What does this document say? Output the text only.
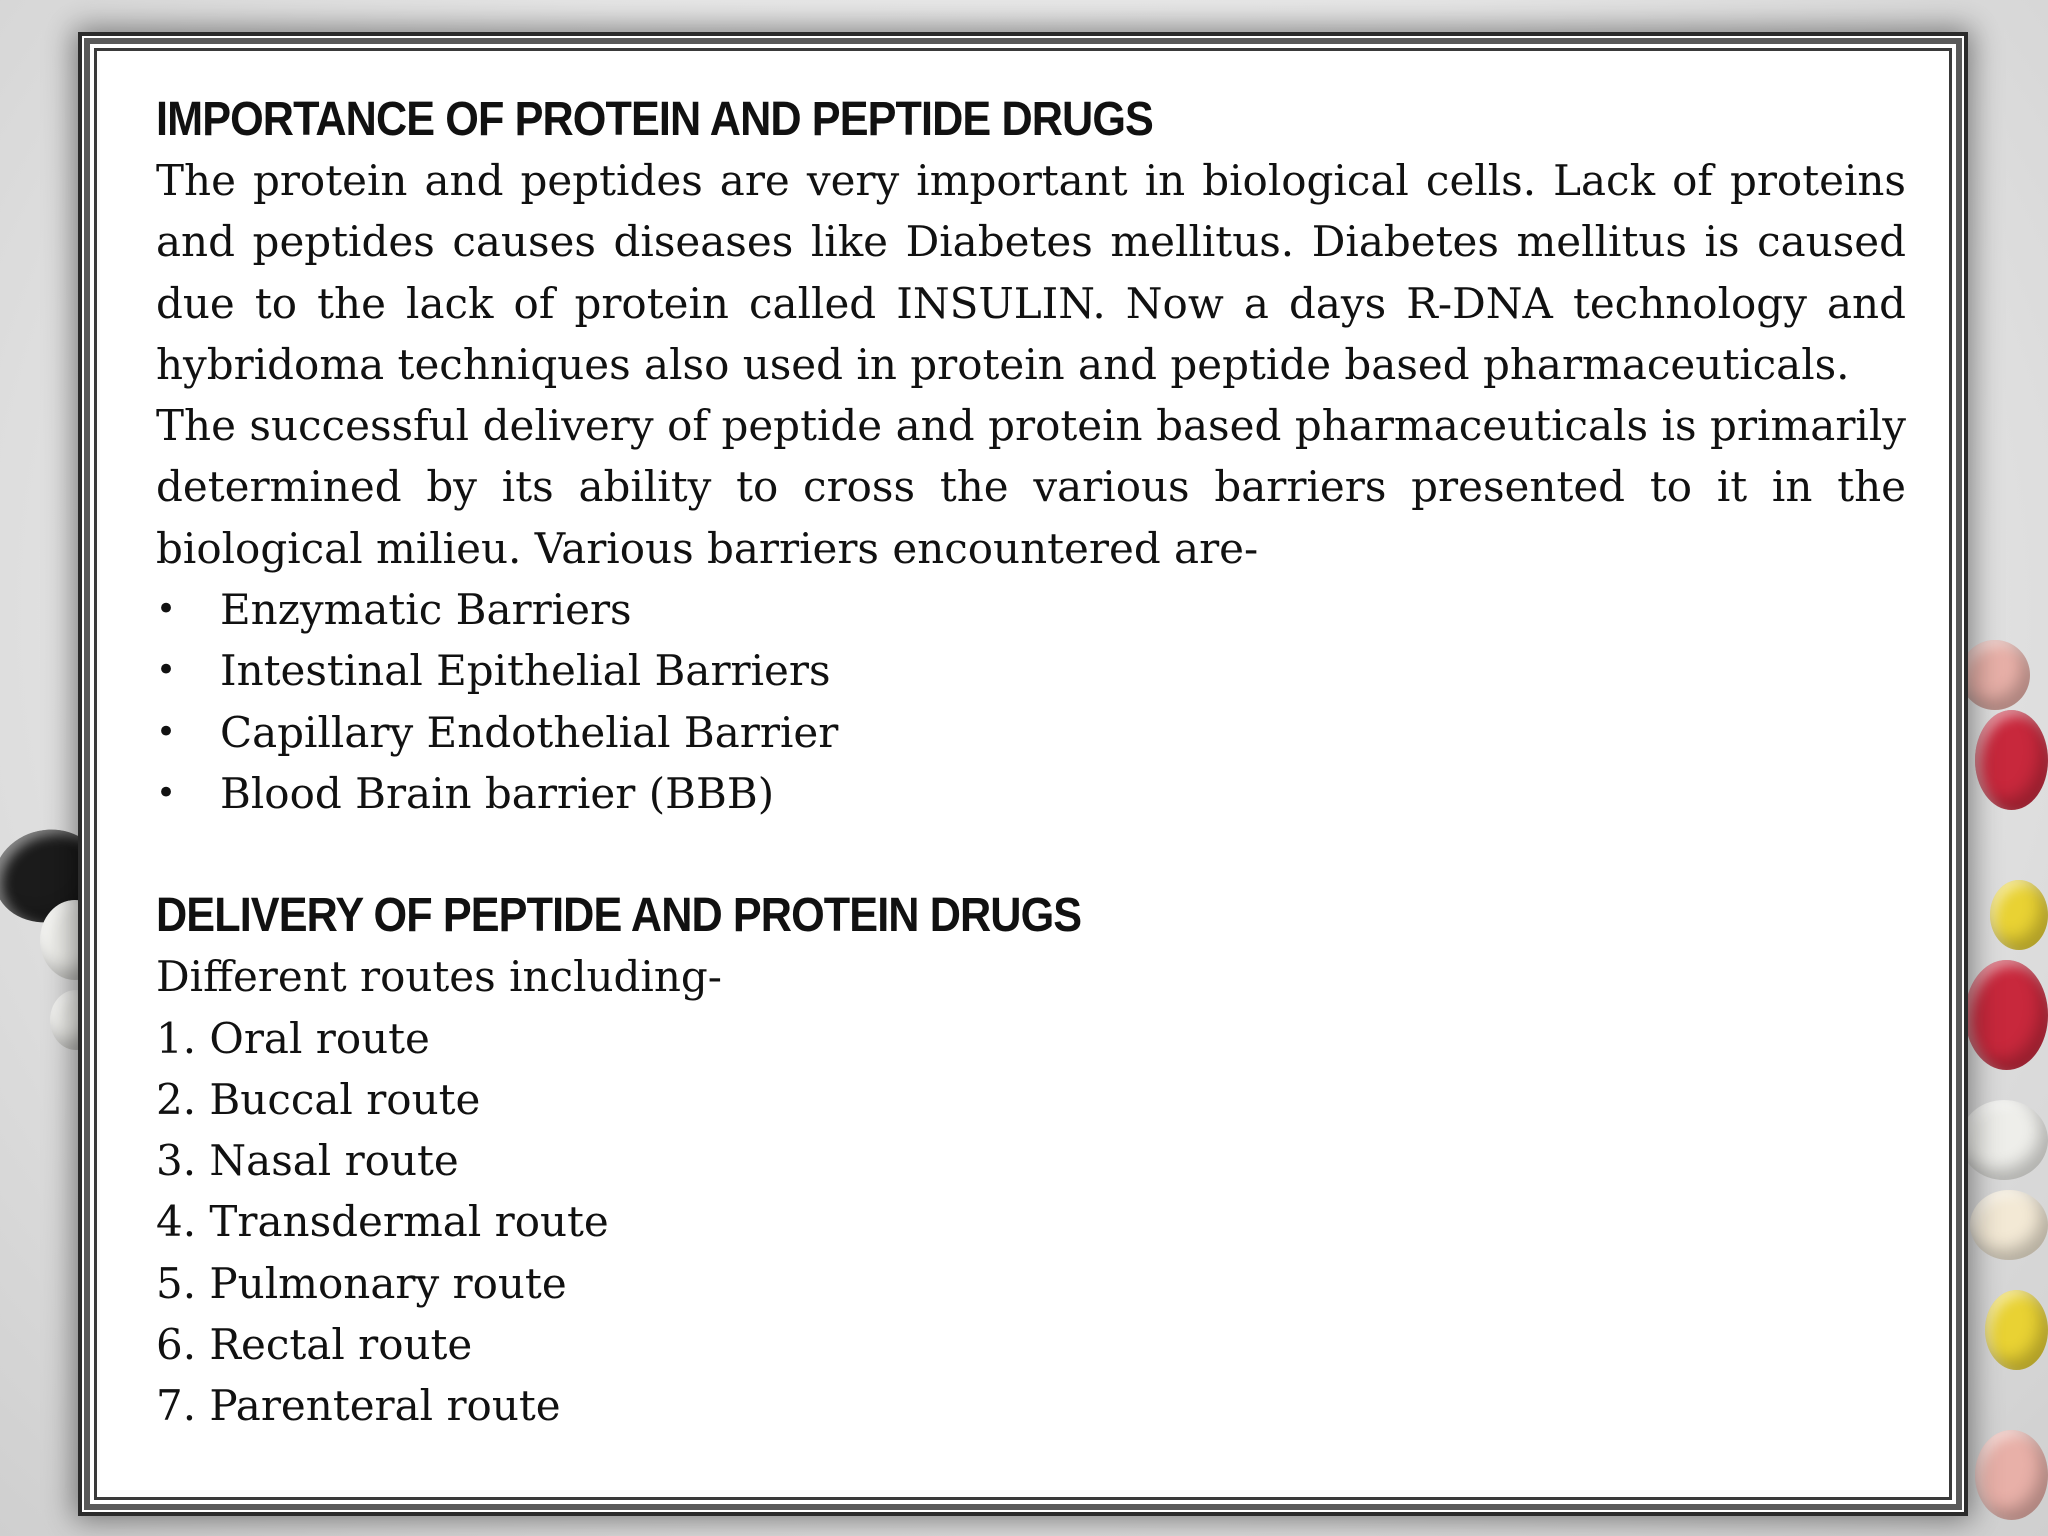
IMPORTANCE OF PROTEIN AND PEPTIDE DRUGS

The protein and peptides are very important in biological cells. Lack of proteins and peptides causes diseases like Diabetes mellitus. Diabetes mellitus is caused due to the lack of protein called INSULIN. Now a days R-DNA technology and hybridoma techniques also used in protein and peptide based pharmaceuticals.

The successful delivery of peptide and protein based pharmaceuticals is primarily determined by its ability to cross the various barriers presented to it in the biological milieu. Various barriers encountered are-

• Enzymatic Barriers
• Intestinal Epithelial Barriers
• Capillary Endothelial Barrier
• Blood Brain barrier (BBB)
DELIVERY OF PEPTIDE AND PROTEIN DRUGS
Different routes including-
1. Oral route
2. Buccal route
3. Nasal route
4. Transdermal route
5. Pulmonary route
6. Rectal route
7. Parenteral route
